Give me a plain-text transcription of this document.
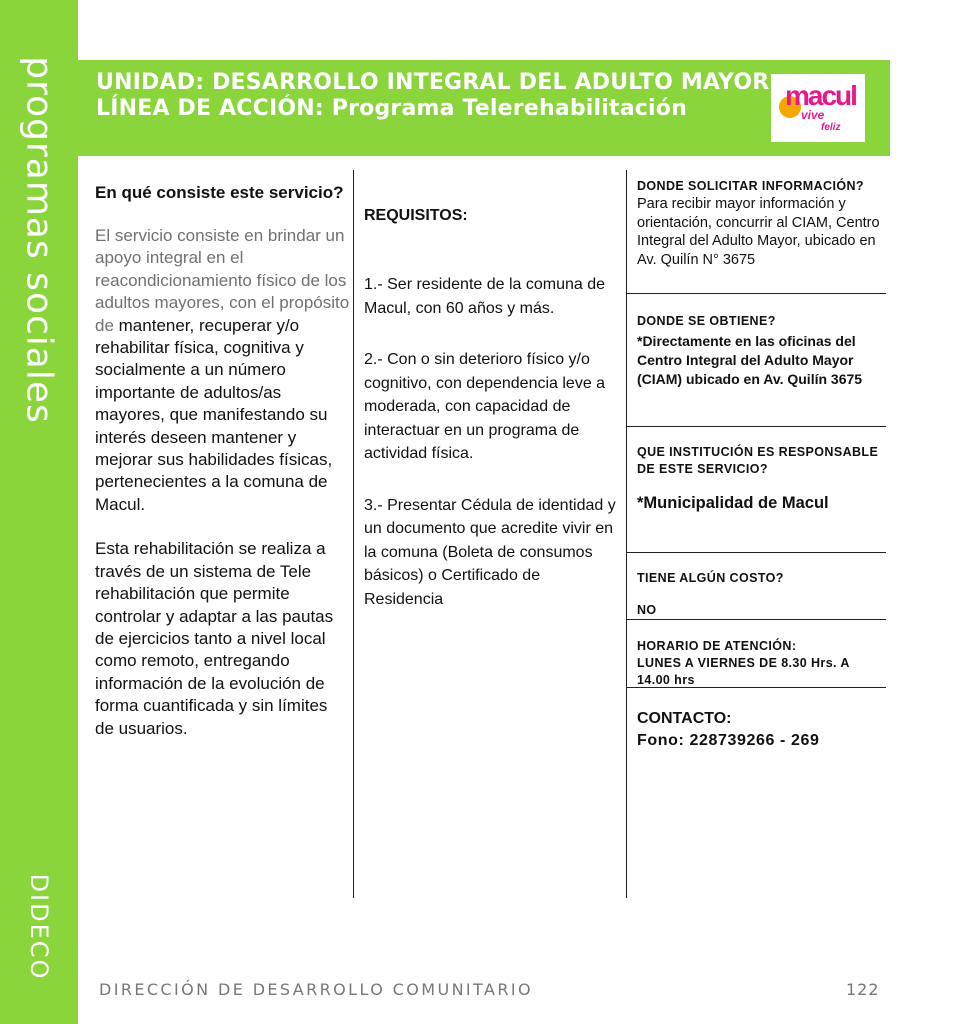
programas sociales
DIDECO
UNIDAD: DESARROLLO INTEGRAL DEL ADULTO MAYOR
LÍNEA DE ACCIÓN: Programa Telerehabilitación	macul
vive
feliz

En qué consiste este servicio?

El servicio consiste en brindar un apoyo integral en el reacondicionamiento físico de los adultos mayores, con el propósito de mantener, recuperar y/o rehabilitar física, cognitiva y socialmente a un número importante de adultos/as mayores, que manifestando su interés deseen mantener y mejorar sus habilidades físicas, pertenecientes a la comuna de Macul.

Esta rehabilitación se realiza a través de un sistema de Tele rehabilitación que permite controlar y adaptar a las pautas de ejercicios tanto a nivel local como remoto, entregando información de la evolución de forma cuantificada y sin límites de usuarios.

REQUISITOS:

1.- Ser residente de la comuna de Macul, con 60 años y más.

2.- Con o sin deterioro físico y/o cognitivo, con dependencia leve a moderada, con capacidad de interactuar en un programa de actividad física.

3.- Presentar Cédula de identidad y un documento que acredite vivir en la comuna (Boleta de consumos básicos) o Certificado de Residencia

DONDE SOLICITAR INFORMACIÓN?
Para recibir mayor información y orientación, concurrir al CIAM, Centro Integral del Adulto Mayor, ubicado en Av. Quilín N° 3675
DONDE SE OBTIENE?
*Directamente en las oficinas del Centro Integral del Adulto Mayor (CIAM) ubicado en Av. Quilín 3675
QUE INSTITUCIÓN ES RESPONSABLE DE ESTE SERVICIO?
*Municipalidad de Macul
TIENE ALGÚN COSTO?
NO
HORARIO DE ATENCIÓN:
LUNES A VIERNES DE 8.30 Hrs. A 14.00 hrs
CONTACTO:
Fono: 228739266 - 269
DIRECCIÓN DE DESARROLLO COMUNITARIO	122
